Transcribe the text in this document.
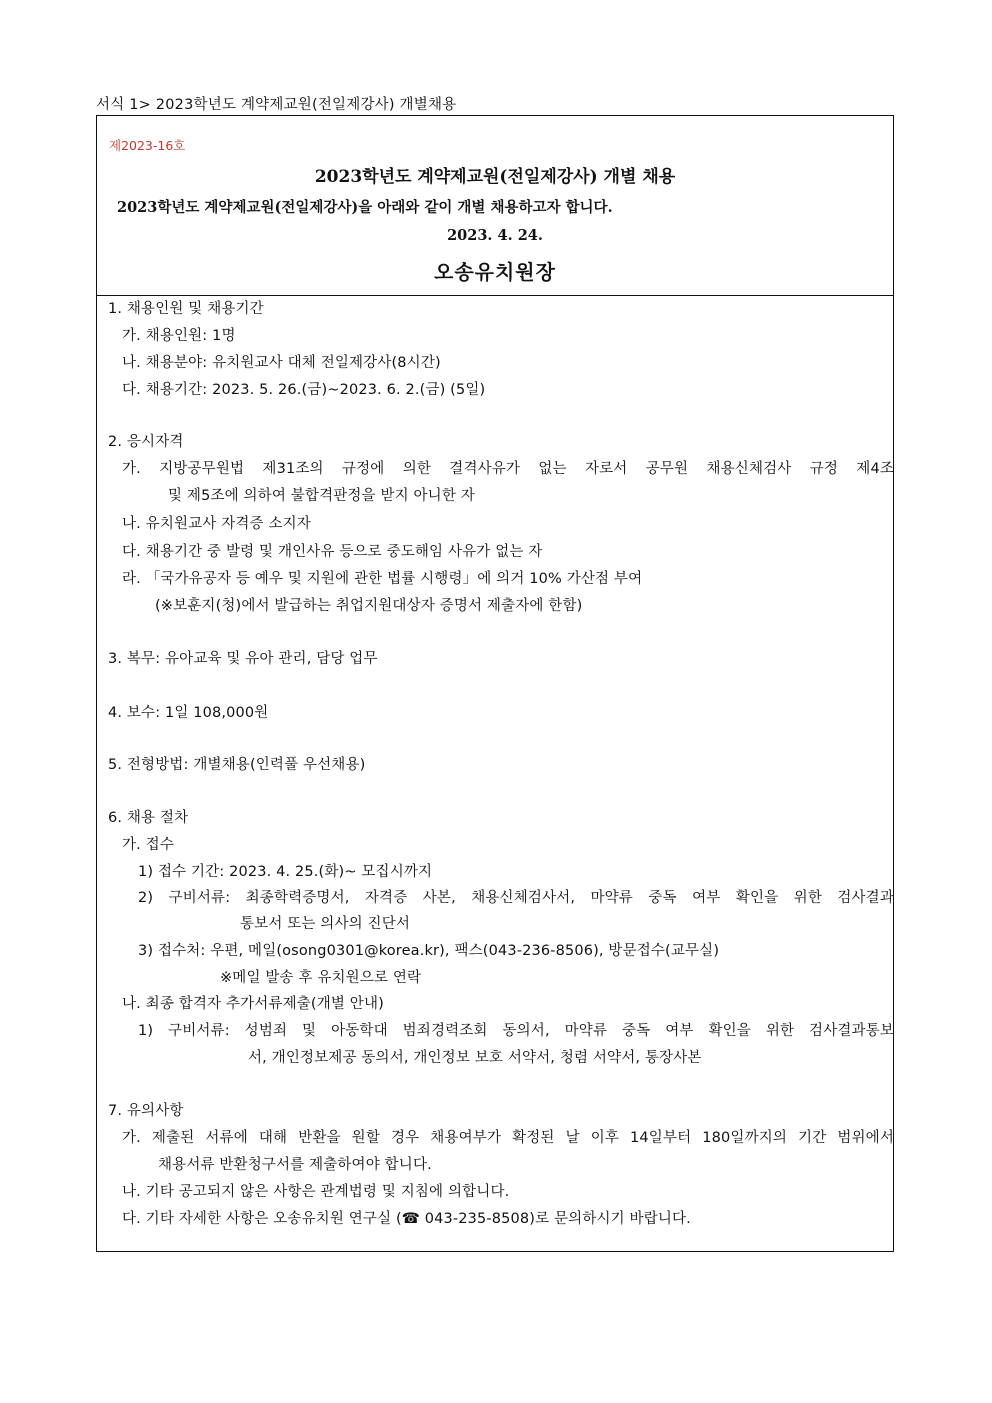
서식 1> 2023학년도 계약제교원(전일제강사) 개별채용
제2023-16호
2023학년도 계약제교원(전일제강사) 개별 채용
2023학년도 계약제교원(전일제강사)을 아래와 같이 개별 채용하고자 합니다.
2023. 4. 24.
오송유치원장
1. 채용인원 및 채용기간
가. 채용인원: 1명
나. 채용분야: 유치원교사 대체 전일제강사(8시간)
다. 채용기간: 2023. 5. 26.(금)~2023. 6. 2.(금) (5일)
2. 응시자격
가. 지방공무원법 제31조의 규정에 의한 결격사유가 없는 자로서 공무원 채용신체검사 규정 제4조
및 제5조에 의하여 불합격판정을 받지 아니한 자
나. 유치원교사 자격증 소지자
다. 채용기간 중 발령 및 개인사유 등으로 중도해임 사유가 없는 자
라. 「국가유공자 등 예우 및 지원에 관한 법률 시행령」에 의거 10% 가산점 부여
(※보훈지(청)에서 발급하는 취업지원대상자 증명서 제출자에 한함)
3. 복무: 유아교육 및 유아 관리, 담당 업무
4. 보수: 1일 108,000원
5. 전형방법: 개별채용(인력풀 우선채용)
6. 채용 절차
가. 접수
1) 접수 기간: 2023. 4. 25.(화)~ 모집시까지
2) 구비서류: 최종학력증명서, 자격증 사본, 채용신체검사서, 마약류 중독 여부 확인을 위한 검사결과
통보서 또는 의사의 진단서
3) 접수처: 우편, 메일(osong0301@korea.kr), 팩스(043-236-8506), 방문접수(교무실)
※메일 발송 후 유치원으로 연락
나. 최종 합격자 추가서류제출(개별 안내)
1) 구비서류: 성범죄 및 아동학대 범죄경력조회 동의서, 마약류 중독 여부 확인을 위한 검사결과통보
서, 개인정보제공 동의서, 개인정보 보호 서약서, 청렴 서약서, 통장사본
7. 유의사항
가. 제출된 서류에 대해 반환을 원할 경우 채용여부가 확정된 날 이후 14일부터 180일까지의 기간 범위에서
채용서류 반환청구서를 제출하여야 합니다.
나. 기타 공고되지 않은 사항은 관계법령 및 지침에 의합니다.
다. 기타 자세한 사항은 오송유치원 연구실 (☎ 043-235-8508)로 문의하시기 바랍니다.
